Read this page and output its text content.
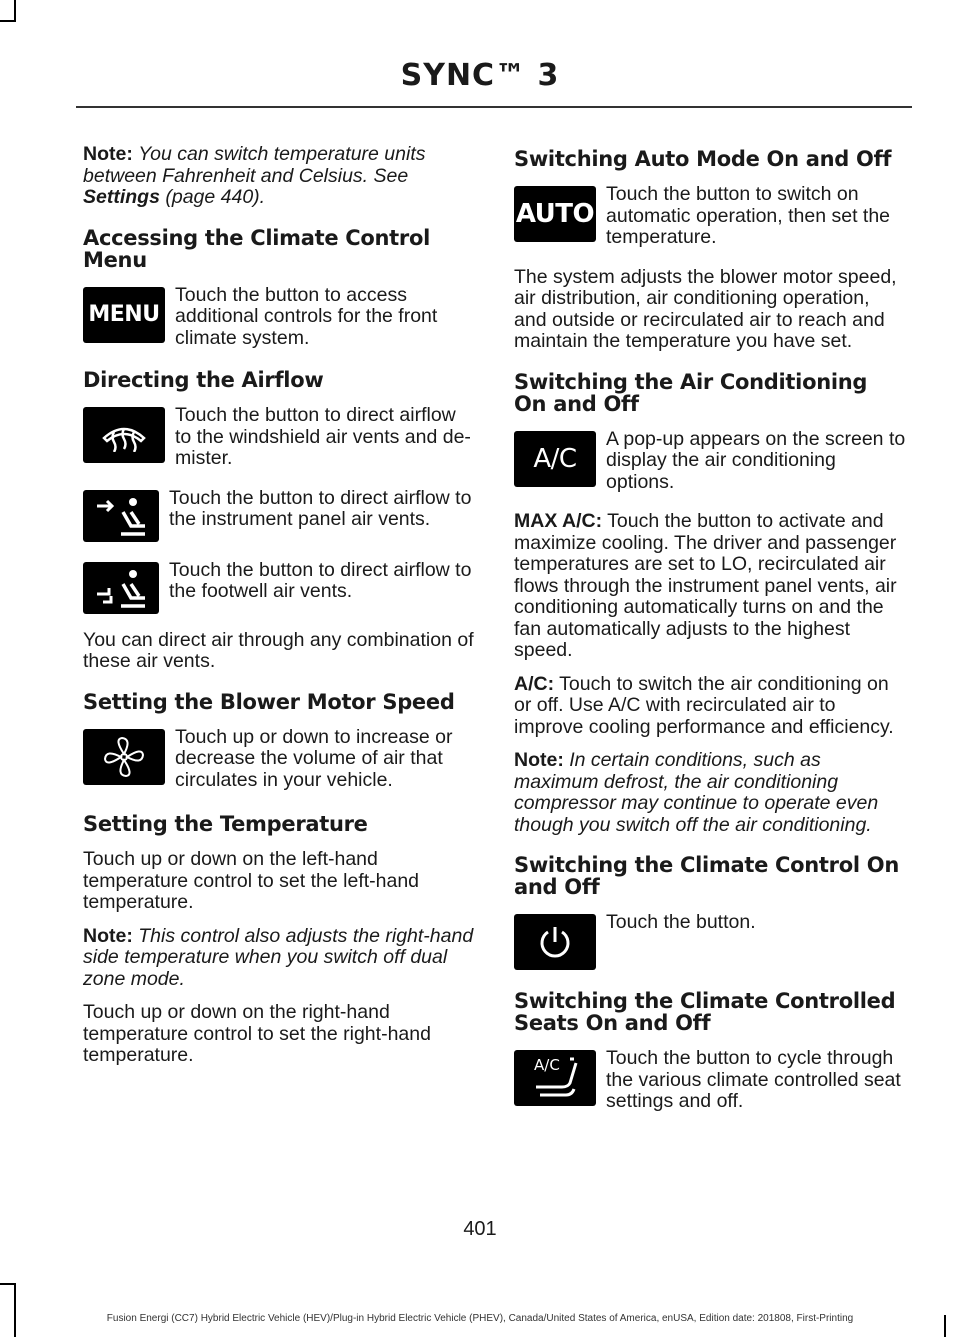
SYNC™ 3

Note: You can switch temperature units between Fahrenheit and Celsius. See Settings (page 440).

Accessing the Climate Control Menu
MENU

Touch the button to access additional controls for the front climate system.

Directing the Airflow

Touch the button to direct airflow to the windshield air vents and de-mister.

Touch the button to direct airflow to the instrument panel air vents.

Touch the button to direct airflow to the footwell air vents.

You can direct air through any combination of these air vents.

Setting the Blower Motor Speed

Touch up or down to increase or decrease the volume of air that circulates in your vehicle.

Setting the Temperature

Touch up or down on the left-hand temperature control to set the left-hand temperature.

Note: This control also adjusts the right-hand side temperature when you switch off dual zone mode.

Touch up or down on the right-hand temperature control to set the right-hand temperature.

Switching Auto Mode On and Off
AUTO

Touch the button to switch on automatic operation, then set the temperature.

The system adjusts the blower motor speed, air distribution, air conditioning operation, and outside or recirculated air to reach and maintain the temperature you have set.

Switching the Air Conditioning On and Off
A/C

A pop-up appears on the screen to display the air conditioning options.

MAX A/C: Touch the button to activate and maximize cooling. The driver and passenger temperatures are set to LO, recirculated air flows through the instrument panel vents, air conditioning automatically turns on and the fan automatically adjusts to the highest speed.

A/C: Touch to switch the air conditioning on or off. Use A/C with recirculated air to improve cooling performance and efficiency.

Note: In certain conditions, such as maximum defrost, the air conditioning compressor may continue to operate even though you switch off the air conditioning.

Switching the Climate Control On and Off

Touch the button.

Switching the Climate Controlled Seats On and Off
A/C Touch the button to cycle through the various climate controlled seat settings and off.

401
Fusion Energi (CC7) Hybrid Electric Vehicle (HEV)/Plug-in Hybrid Electric Vehicle (PHEV), Canada/United States of America, enUSA, Edition date: 201808, First-Printing
